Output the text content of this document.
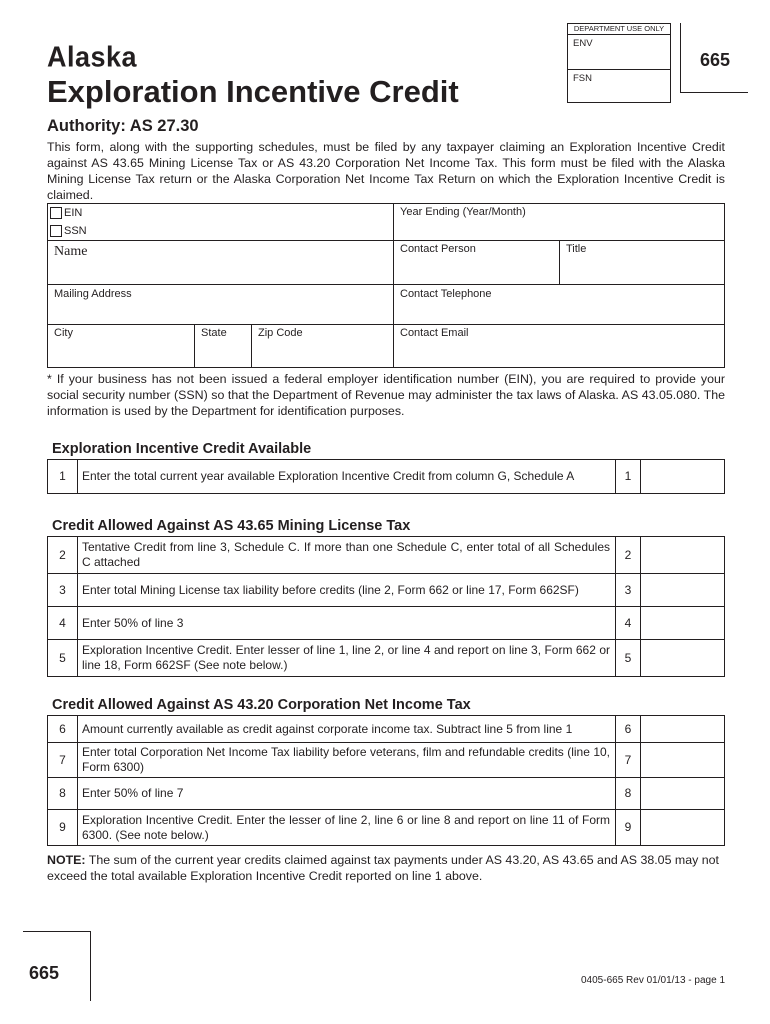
Alaska
Exploration Incentive Credit
Authority: AS 27.30
This form, along with the supporting schedules, must be filed by any taxpayer claiming an Exploration Incentive Credit against AS 43.65 Mining License Tax or AS 43.20 Corporation Net Income Tax. This form must be filed with the Alaska Mining License Tax return or the Alaska Corporation Net Income Tax Return on which the Exploration Incentive Credit is claimed.
DEPARTMENT USE ONLY
ENV
FSN
665
EIN
SSN

Year Ending (Year/Month)

Name	Contact Person	Title

Mailing Address	Contact Telephone

City	State	Zip Code
		Contact Email
* If your business has not been issued a federal employer identification number (EIN), you are required to provide your social security number (SSN) so that the Department of Revenue may administer the tax laws of Alaska. AS 43.05.080. The information is used by the Department for identification purposes.
Exploration Incentive Credit Available
1	Enter the total current year available Exploration Incentive Credit from column G, Schedule A	1	
Credit Allowed Against AS 43.65 Mining License Tax
2	Tentative Credit from line 3, Schedule C. If more than one Schedule C, enter total of all Schedules C attached	2	
3	Enter total Mining License tax liability before credits (line 2, Form 662 or line 17, Form 662SF)	3	
4	Enter 50% of line 3	4	
5	Exploration Incentive Credit. Enter lesser of line 1, line 2, or line 4 and report on line 3, Form 662 or line 18, Form 662SF (See note below.)	5	
Credit Allowed Against AS 43.20 Corporation Net Income Tax
6	Amount currently available as credit against corporate income tax. Subtract line 5 from line 1	6	
7	Enter total Corporation Net Income Tax liability before veterans, film and refundable credits (line 10, Form 6300)	7	
8	Enter 50% of line 7	8	
9	Exploration Incentive Credit. Enter the lesser of line 2, line 6 or line 8 and report on line 11 of Form 6300. (See note below.)	9	
NOTE: The sum of the current year credits claimed against tax payments under AS 43.20, AS 43.65 and AS 38.05 may not exceed the total available Exploration Incentive Credit reported on line 1 above.
665	0405-665 Rev 01/01/13 - page 1
